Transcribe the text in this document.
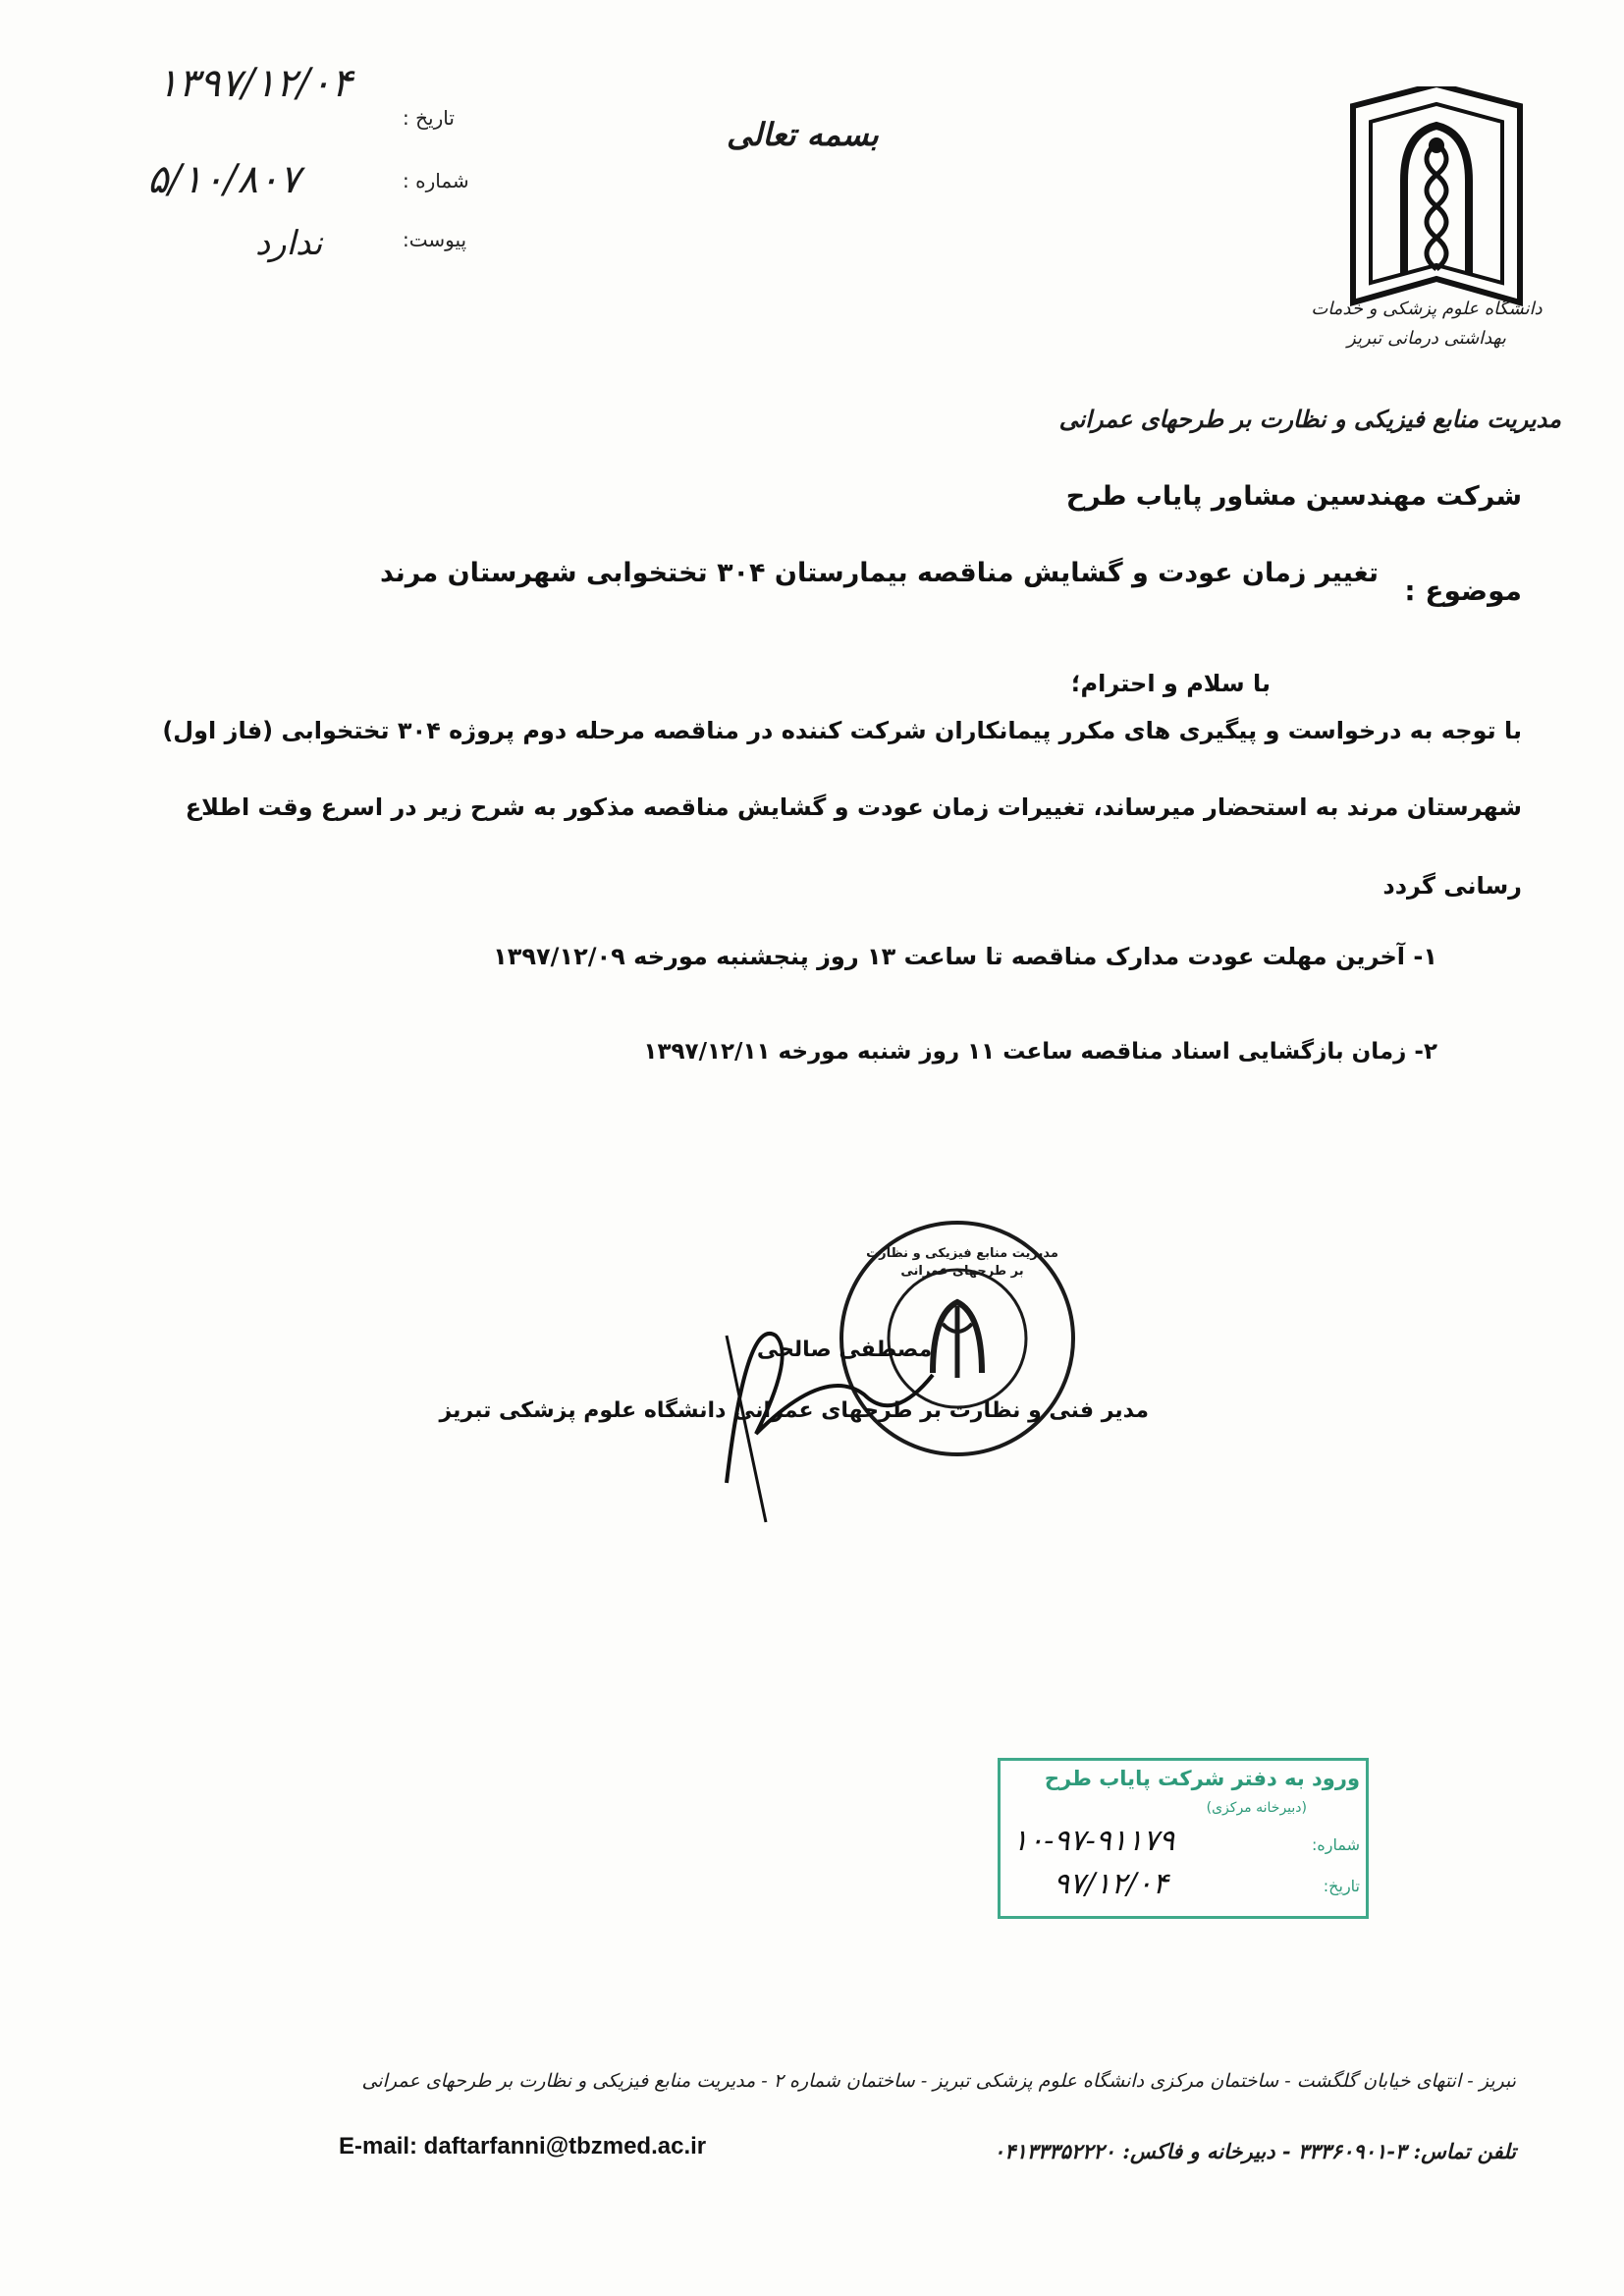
۱۳۹۷/۱۲/۰۴
۵/۱۰/۸۰۷
ندارد
تاریخ :
شماره :
پیوست:
بسمه تعالی
دانشگاه علوم پزشکی و خدمات بهداشتی درمانی تبریز
مدیریت منابع فیزیکی و نظارت بر طرحهای عمرانی
شرکت مهندسین مشاور پایاب طرح
موضوع :
تغییر زمان عودت و گشایش مناقصه بیمارستان ۳۰۴ تختخوابی شهرستان مرند
با سلام و احترام؛
با توجه به درخواست و پیگیری های مکرر پیمانکاران شرکت کننده در مناقصه مرحله دوم پروژه ۳۰۴ تختخوابی (فاز اول)
شهرستان مرند به استحضار میرساند، تغییرات زمان عودت و گشایش مناقصه مذکور به شرح زیر در اسرع وقت اطلاع
رسانی گردد
۱- آخرین مهلت عودت مدارک مناقصه تا ساعت ۱۳ روز پنجشنبه مورخه ۱۳۹۷/۱۲/۰۹
۲- زمان بازگشایی اسناد مناقصه ساعت ۱۱ روز شنبه مورخه ۱۳۹۷/۱۲/۱۱
مدیریت منابع فیزیکی و نظارت بر طرحهای عمرانی
مصطفی صالحی
مدیر فنی و نظارت بر طرحهای عمرانی دانشگاه علوم پزشکی تبریز
ورود به دفتر شرکت پایاب طرح
(دبیرخانه مرکزی)
شماره:
۱۰-۹۷-۹۱۱۷۹
تاریخ:
۹۷/۱۲/۰۴
تبریز - انتهای خیابان گلگشت - ساختمان مرکزی دانشگاه علوم پزشکی تبریز - ساختمان شماره ۲ - مدیریت منابع فیزیکی و نظارت بر طرحهای عمرانی
تلفن تماس: ۳-۳۳۳۶۰۹۰۱ - دبیرخانه و فاکس: ۰۴۱۳۳۳۵۲۲۲۰
E-mail: daftarfanni@tbzmed.ac.ir
